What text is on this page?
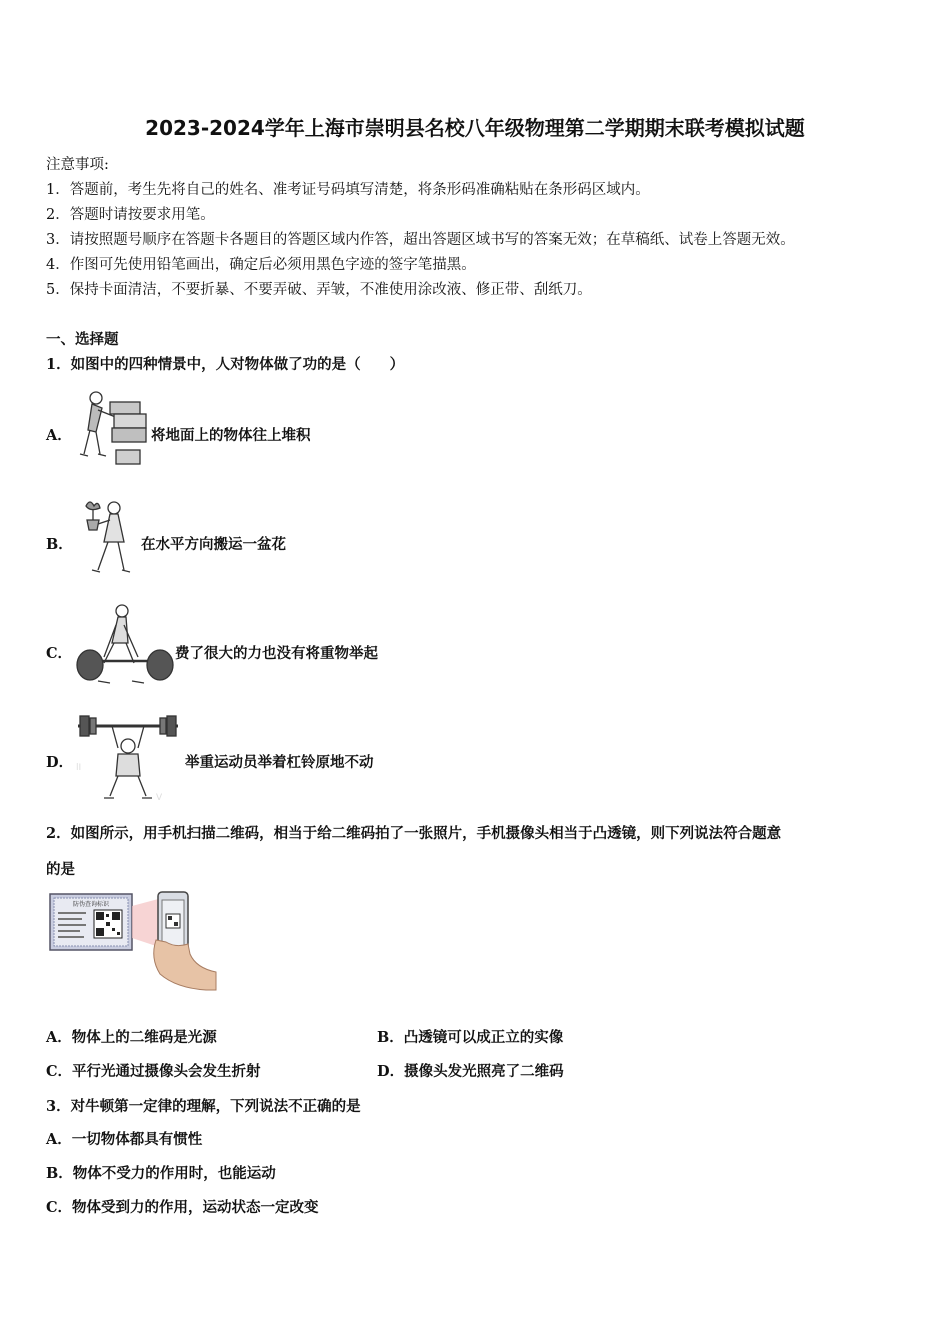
2023-2024学年上海市崇明县名校八年级物理第二学期期末联考模拟试题
注意事项:
1．答题前，考生先将自己的姓名、准考证号码填写清楚，将条形码准确粘贴在条形码区域内。
2．答题时请按要求用笔。
3．请按照题号顺序在答题卡各题目的答题区域内作答，超出答题区域书写的答案无效；在草稿纸、试卷上答题无效。
4．作图可先使用铅笔画出，确定后必须用黑色字迹的签字笔描黑。
5．保持卡面清洁，不要折暴、不要弄破、弄皱，不准使用涂改液、修正带、刮纸刀。
一、选择题
1．如图中的四种情景中，人对物体做了功的是（　　）
A．	将地面上的物体往上堆积
B．	在水平方向搬运一盆花
C．	费了很大的力也没有将重物举起
D． lI
V
举重运动员举着杠铃原地不动
2．如图所示，用手机扫描二维码，相当于给二维码拍了一张照片，手机摄像头相当于凸透镜，则下列说法符合题意
的是
防伪查询标识
A．物体上的二维码是光源	B．凸透镜可以成正立的实像
C．平行光通过摄像头会发生折射	D．摄像头发光照亮了二维码
3．对牛顿第一定律的理解，下列说法不正确的是
A．一切物体都具有惯性
B．物体不受力的作用时，也能运动
C．物体受到力的作用，运动状态一定改变
